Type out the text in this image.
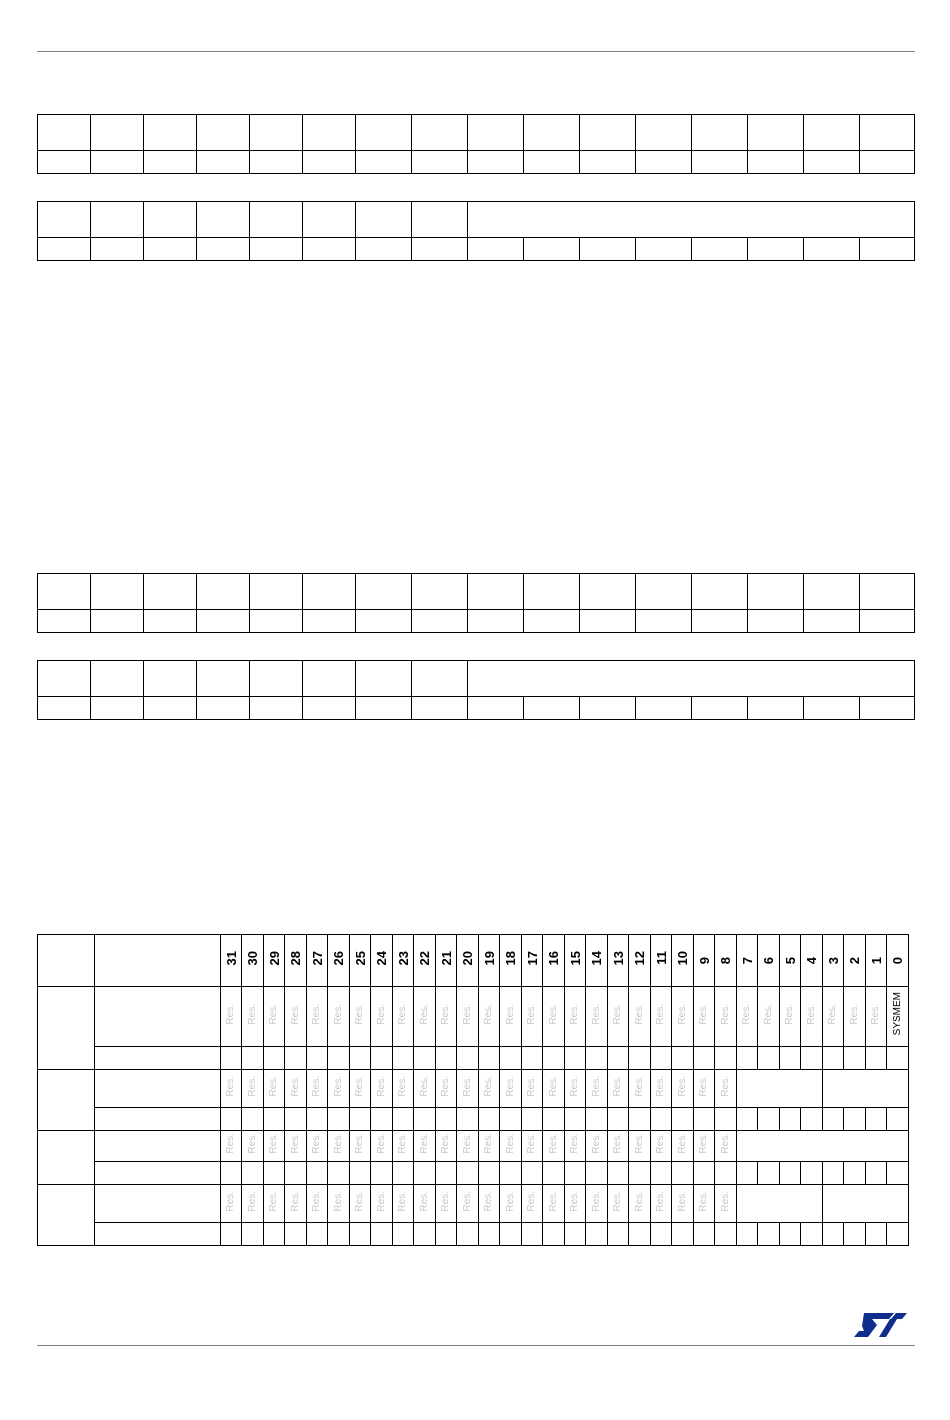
		31	30	29	28	27	26	25	24	23	22	21	20	19	18	17	16	15	14	13	12	11	10	9	8	7	6	5	4	3	2	1	0
		Res.	Res.	Res.	Res.	Res.	Res.	Res.	Res.	Res.	Res.	Res.	Res.	Res.	Res.	Res.	Res.	Res.	Res.	Res.	Res.	Res.	Res.	Res.	Res.	Res.	Res.	Res.	Res.	Res.	Res.	Res.	SYSMEM

		Res.	Res.	Res.	Res.	Res.	Res.	Res.	Res.	Res.	Res.	Res.	Res.	Res.	Res.	Res.	Res.	Res.	Res.	Res.	Res.	Res.	Res.	Res.	Res.								

		Res.	Res.	Res.	Res.	Res.	Res.	Res.	Res.	Res.	Res.	Res.	Res.	Res.	Res.	Res.	Res.	Res.	Res.	Res.	Res.	Res.	Res.	Res.	Res.								

		Res.	Res.	Res.	Res.	Res.	Res.	Res.	Res.	Res.	Res.	Res.	Res.	Res.	Res.	Res.	Res.	Res.	Res.	Res.	Res.	Res.	Res.	Res.	Res.								
